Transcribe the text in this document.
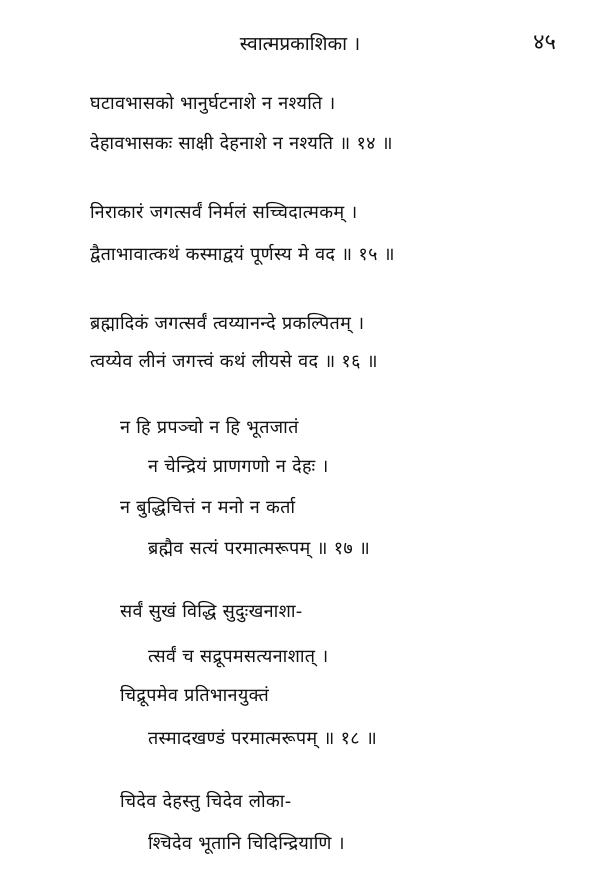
स्वात्मप्रकाशिका ।	४५
घटावभासको भानुर्घटनाशे न नश्यति ।
देहावभासकः साक्षी देहनाशे न नश्यति ॥ १४ ॥
निराकारं जगत्सर्वं निर्मलं सच्चिदात्मकम् ।
द्वैताभावात्कथं कस्माद्वयं पूर्णस्य मे वद ॥ १५ ॥
ब्रह्मादिकं जगत्सर्वं त्वय्यानन्दे प्रकल्पितम् ।
त्वय्येव लीनं जगत्त्वं कथं लीयसे वद ॥ १६ ॥
न हि प्रपञ्चो न हि भूतजातं
न चेन्द्रियं प्राणगणो न देहः ।
न बुद्धिचित्तं न मनो न कर्ता
ब्रह्मैव सत्यं परमात्मरूपम् ॥ १७ ॥
सर्वं सुखं विद्धि सुदुःखनाशा-
त्सर्वं च सद्रूपमसत्यनाशात् ।
चिद्रूपमेव प्रतिभानयुक्तं
तस्मादखण्डं परमात्मरूपम् ॥ १८ ॥
चिदेव देहस्तु चिदेव लोका-
श्चिदेव भूतानि चिदिन्द्रियाणि ।
